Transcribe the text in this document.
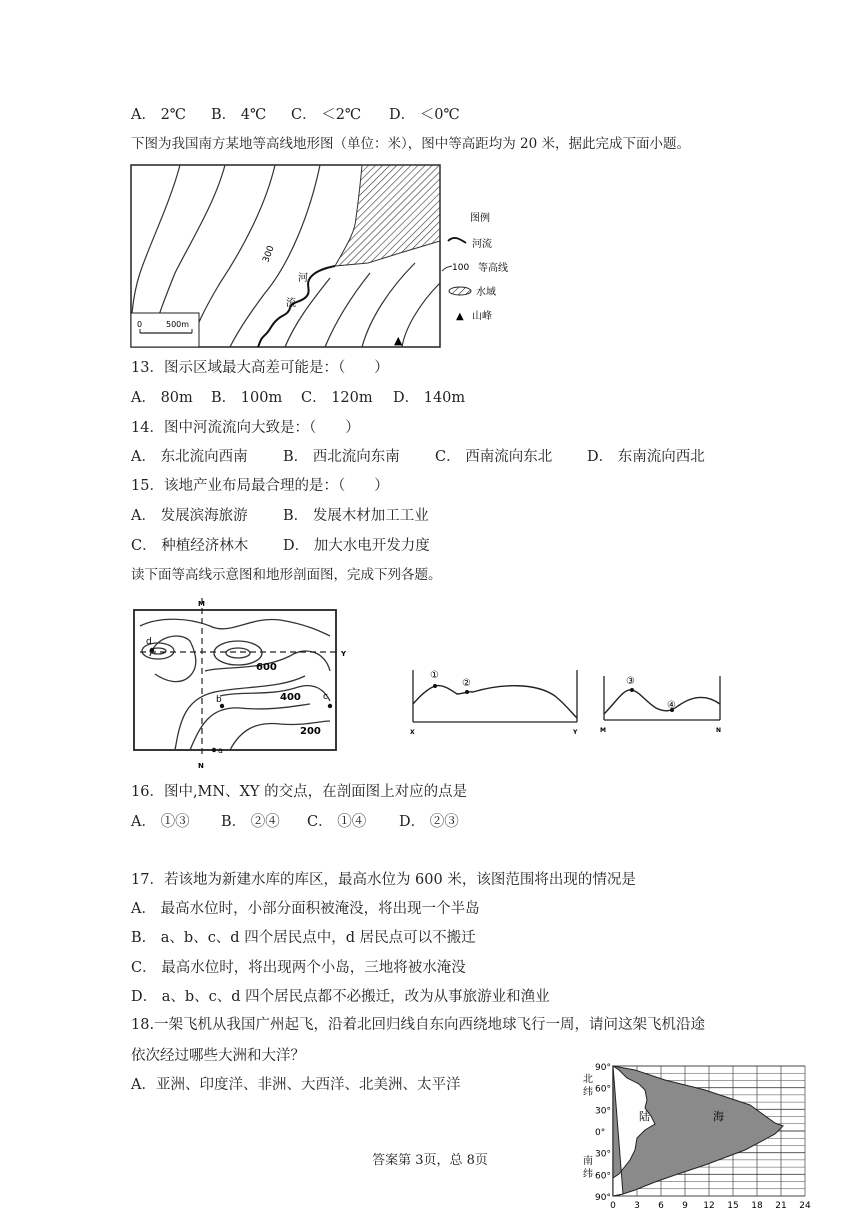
A． 2℃ B． 4℃ C． ＜2℃ D． ＜0℃
下图为我国南方某地等高线地形图（单位：米），图中等高距均为 20 米，据此完成下面小题。
300
河
流
0	500m
▲
图例
河流
100 等高线
水域
▲ 山峰
13．图示区域最大高差可能是：（　　）
A． 80m B． 100m C． 120m D． 140m
14．图中河流流向大致是：（　　）
A． 东北流向西南 B． 西北流向东南 C． 西南流向东北 D． 东南流向西北
15．该地产业布局最合理的是：（　　）
A． 发展滨海旅游 B． 发展木材加工工业
C． 种植经济林木 D． 加大水电开发力度
读下面等高线示意图和地形剖面图，完成下列各题。
M
N
Y
d
b	c
a
600
400
200
①
②
X	Y
③
④
M	N
16．图中,MN、XY 的交点，在剖面图上对应的点是
A． ①③ B． ②④ C． ①④ D． ②③
17．若该地为新建水库的库区，最高水位为 600 米，该图范围将出现的情况是
A． 最高水位时，小部分面积被淹没，将出现一个半岛
B． a、b、c、d 四个居民点中，d 居民点可以不搬迁
C． 最高水位时，将出现两个小岛，三地将被水淹没
D． a、b、c、d 四个居民点都不必搬迁，改为从事旅游业和渔业
18.一架飞机从我国广州起飞，沿着北回归线自东向西绕地球飞行一周，请问这架飞机沿途
依次经过哪些大洲和大洋？
A．亚洲、印度洋、非洲、大西洋、北美洲、太平洋
陆	海
北纬
南纬
90°
60°
30°
0°
30°
60°
90°
0 3 6 9 12 15 18 21 24
答案第 3页，总 8页
